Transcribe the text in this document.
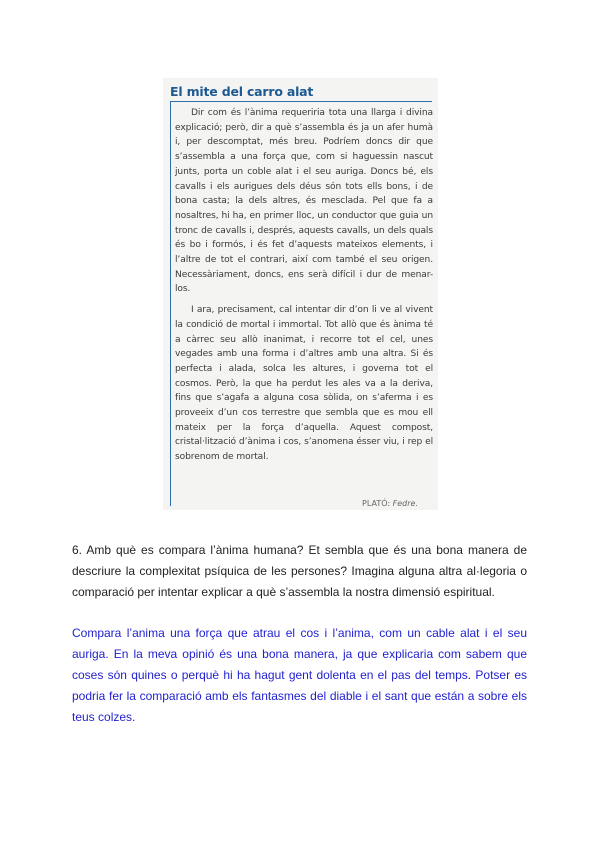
El mite del carro alat

Dir com és l’ànima requeriria tota una llarga i divina explicació; però, dir a què s’assembla és ja un afer humà i, per descomptat, més breu. Podríem doncs dir que s’assembla a una força que, com si haguessin nascut junts, porta un coble alat i el seu auriga. Doncs bé, els cavalls i els aurigues dels déus són tots ells bons, i de bona casta; la dels altres, és mesclada. Pel que fa a nosaltres, hi ha, en primer lloc, un conductor que guia un tronc de cavalls i, després, aquests cavalls, un dels quals és bo i formós, i és fet d’aquests mateixos elements, i l’altre de tot el contrari, així com també el seu origen. Necessàriament, doncs, ens serà difícil i dur de menar-los.

I ara, precisament, cal intentar dir d’on li ve al vivent la condició de mortal i immortal. Tot allò que és ànima té a càrrec seu allò inanimat, i recorre tot el cel, unes vegades amb una forma i d’altres amb una altra. Si és perfecta i alada, solca les altures, i governa tot el cosmos. Però, la que ha perdut les ales va a la deriva, fins que s’agafa a alguna cosa sòlida, on s’aferma i es proveeix d’un cos terrestre que sembla que es mou ell mateix per la força d’aquella. Aquest compost, cristal·lització d’ànima i cos, s’anomena ésser viu, i rep el sobrenom de mortal.

PLATÓ: Fedre.

6. Amb què es compara l’ànima humana? Et sembla que és una bona manera de descriure la complexitat psíquica de les persones? Imagina alguna altra al·legoria o comparació per intentar explicar a què s’assembla la nostra dimensió espiritual.

Compara l’anima una força que atrau el cos i l’anima, com un cable alat i el seu auriga. En la meva opinió és una bona manera, ja que explicaria com sabem que coses són quines o perquè hi ha hagut gent dolenta en el pas del temps. Potser es podria fer la comparació amb els fantasmes del diable i el sant que están a sobre els teus colzes.
